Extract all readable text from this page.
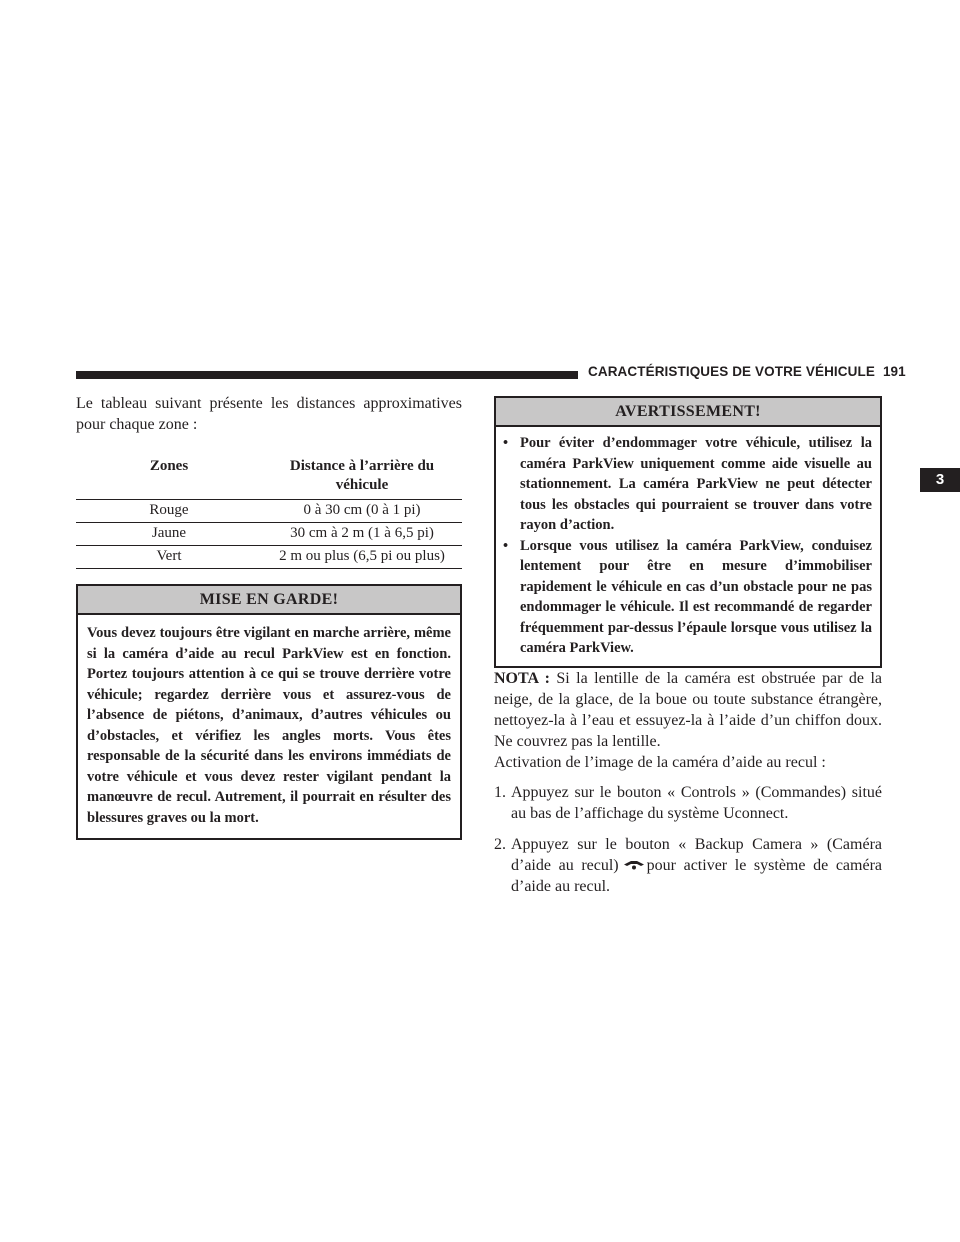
CARACTÉRISTIQUES DE VOTRE VÉHICULE 191
3

Le tableau suivant présente les distances approximatives pour chaque zone :

Zones	Distance à l’arrière du véhicule
Rouge	0 à 30 cm (0 à 1 pi)
Jaune	30 cm à 2 m (1 à 6,5 pi)
Vert	2 m ou plus (6,5 pi ou plus)
MISE EN GARDE!
Vous devez toujours être vigilant en marche arrière, même si la caméra d’aide au recul ParkView est en fonction. Portez toujours attention à ce qui se trouve derrière votre véhicule; regardez derrière vous et assurez-vous de l’absence de piétons, d’animaux, d’autres véhicules ou d’obstacles, et vérifiez les angles morts. Vous êtes responsable de la sécurité dans les environs immédiats de votre véhicule et vous devez rester vigilant pendant la manœuvre de recul. Autrement, il pourrait en résulter des blessures graves ou la mort.
AVERTISSEMENT!
• Pour éviter d’endommager votre véhicule, utilisez la caméra ParkView uniquement comme aide visuelle au stationnement. La caméra ParkView ne peut détecter tous les obstacles qui pourraient se trouver dans votre rayon d’action.
• Lorsque vous utilisez la caméra ParkView, conduisez lentement pour être en mesure d’immobiliser rapidement le véhicule en cas d’un obstacle pour ne pas endommager le véhicule. Il est recommandé de regarder fréquemment par-dessus l’épaule lorsque vous utilisez la caméra ParkView.

NOTA : Si la lentille de la caméra est obstruée par de la neige, de la glace, de la boue ou toute substance étrangère, nettoyez-la à l’eau et essuyez-la à l’aide d’un chiffon doux. Ne couvrez pas la lentille.

Activation de l’image de la caméra d’aide au recul :

1. Appuyez sur le bouton « Controls » (Commandes) situé au bas de l’affichage du système Uconnect.
2. Appuyez sur le bouton « Backup Camera » (Caméra d’aide au recul) pour activer le système de caméra d’aide au recul.
